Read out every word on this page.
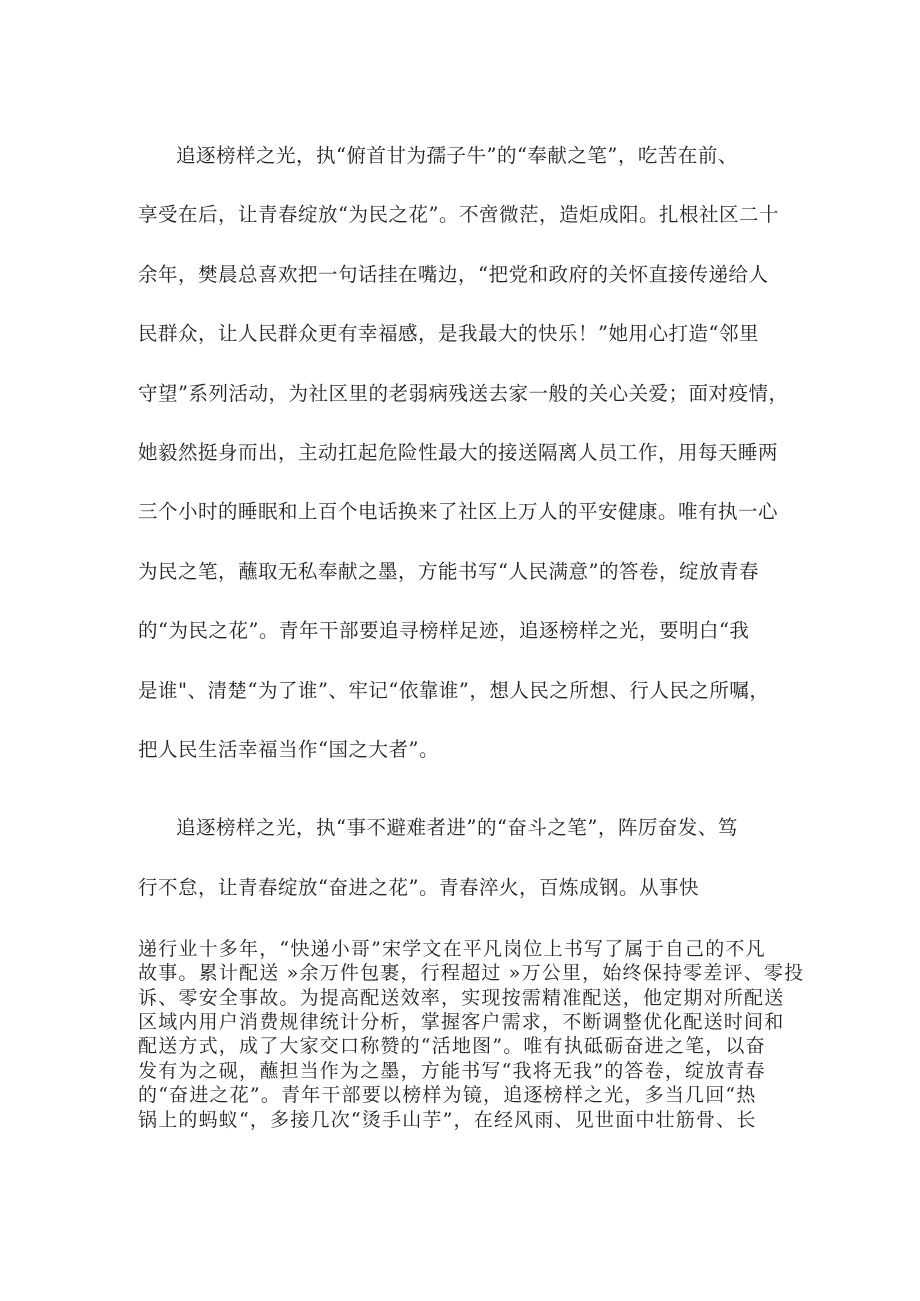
追逐榜样之光，执“俯首甘为孺子牛”的“奉献之笔”，吃苦在前、
享受在后，让青春绽放“为民之花”。不啻微茫，造炬成阳。扎根社区二十
余年，樊晨总喜欢把一句话挂在嘴边，“把党和政府的关怀直接传递给人
民群众，让人民群众更有幸福感，是我最大的快乐！”她用心打造“邻里
守望”系列活动，为社区里的老弱病残送去家一般的关心关爱；面对疫情，
她毅然挺身而出，主动扛起危险性最大的接送隔离人员工作，用每天睡两
三个小时的睡眠和上百个电话换来了社区上万人的平安健康。唯有执一心
为民之笔，蘸取无私奉献之墨，方能书写“人民满意”的答卷，绽放青春
的“为民之花”。青年干部要追寻榜样足迹，追逐榜样之光，要明白“我
是谁"、清楚“为了谁”、牢记“依靠谁”，想人民之所想、行人民之所嘱，
把人民生活幸福当作“国之大者”。
追逐榜样之光，执“事不避难者进”的“奋斗之笔”，阵厉奋发、笃
行不怠，让青春绽放“奋进之花”。青春淬火，百炼成钢。从事快
递行业十多年，“快递小哥”宋学文在平凡岗位上书写了属于自己的不凡
故事。累计配送 »余万件包裹，行程超过 »万公里，始终保持零差评、零投
诉、零安全事故。为提高配送效率，实现按需精准配送，他定期对所配送
区域内用户消费规律统计分析，掌握客户需求，不断调整优化配送时间和
配送方式，成了大家交口称赞的“活地图”。唯有执砥砺奋进之笔，以奋
发有为之砚，蘸担当作为之墨，方能书写“我将无我”的答卷，绽放青春
的“奋进之花”。青年干部要以榜样为镜，追逐榜样之光，多当几回“热
锅上的蚂蚁“，多接几次“烫手山芋”，在经风雨、见世面中壮筋骨、长
